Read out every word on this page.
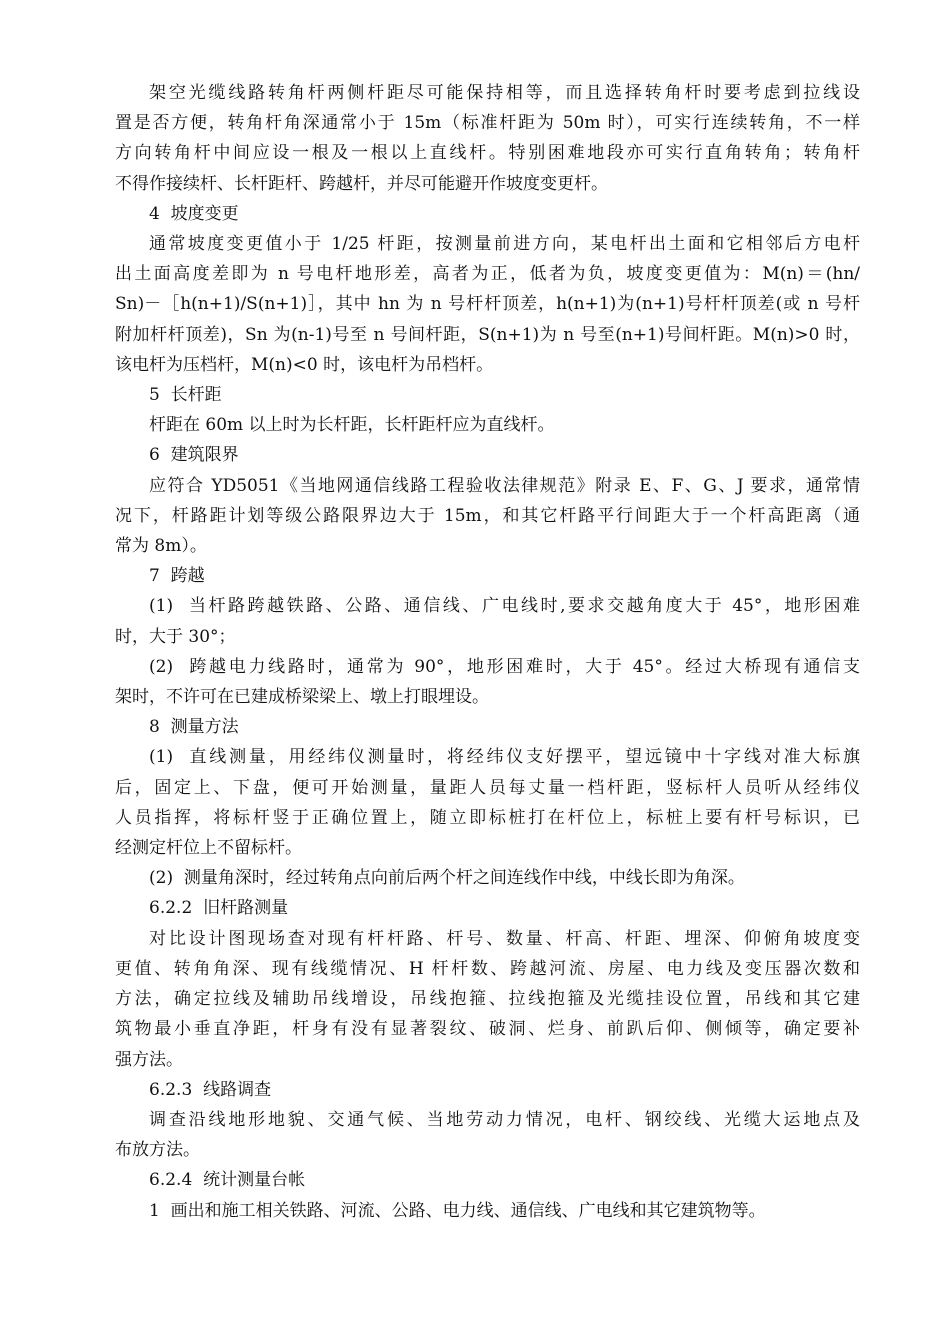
架空光缆线路转角杆两侧杆距尽可能保持相等，而且选择转角杆时要考虑到拉线设
置是否方便，转角杆角深通常小于 15m（标准杆距为 50m 时），可实行连续转角，不一样
方向转角杆中间应设一根及一根以上直线杆。特别困难地段亦可实行直角转角；转角杆
不得作接续杆、长杆距杆、跨越杆，并尽可能避开作坡度变更杆。
4  坡度变更
通常坡度变更值小于 1/25 杆距，按测量前进方向，某电杆出土面和它相邻后方电杆
出土面高度差即为 n 号电杆地形差，高者为正，低者为负，坡度变更值为：M(n)＝(hn/
Sn)－［h(n+1)/S(n+1)］，其中 hn 为 n 号杆杆顶差，h(n+1)为(n+1)号杆杆顶差(或 n 号杆
附加杆杆顶差)，Sn 为(n-1)号至 n 号间杆距，S(n+1)为 n 号至(n+1)号间杆距。M(n)>0 时，
该电杆为压档杆，M(n)<0 时，该电杆为吊档杆。
5  长杆距
杆距在 60m 以上时为长杆距，长杆距杆应为直线杆。
6  建筑限界
应符合 YD5051《当地网通信线路工程验收法律规范》附录 E、F、G、J 要求，通常情
况下，杆路距计划等级公路限界边大于 15m，和其它杆路平行间距大于一个杆高距离（通
常为 8m）。
7  跨越
(1)  当杆路跨越铁路、公路、通信线、广电线时,要求交越角度大于 45°，地形困难
时，大于 30°；
(2)  跨越电力线路时，通常为 90°，地形困难时，大于 45°。经过大桥现有通信支
架时，不许可在已建成桥梁梁上、墩上打眼埋设。
8  测量方法
(1)  直线测量，用经纬仪测量时，将经纬仪支好摆平，望远镜中十字线对准大标旗
后，固定上、下盘，便可开始测量，量距人员每丈量一档杆距，竖标杆人员听从经纬仪
人员指挥，将标杆竖于正确位置上，随立即标桩打在杆位上，标桩上要有杆号标识，已
经测定杆位上不留标杆。
(2)  测量角深时，经过转角点向前后两个杆之间连线作中线，中线长即为角深。
6.2.2  旧杆路测量
对比设计图现场查对现有杆杆路、杆号、数量、杆高、杆距、埋深、仰俯角坡度变
更值、转角角深、现有线缆情况、H 杆杆数、跨越河流、房屋、电力线及变压器次数和
方法，确定拉线及辅助吊线增设，吊线抱箍、拉线抱箍及光缆挂设位置，吊线和其它建
筑物最小垂直净距，杆身有没有显著裂纹、破洞、烂身、前趴后仰、侧倾等，确定要补
强方法。
6.2.3  线路调查
调查沿线地形地貌、交通气候、当地劳动力情况，电杆、钢绞线、光缆大运地点及
布放方法。
6.2.4  统计测量台帐
1  画出和施工相关铁路、河流、公路、电力线、通信线、广电线和其它建筑物等。
